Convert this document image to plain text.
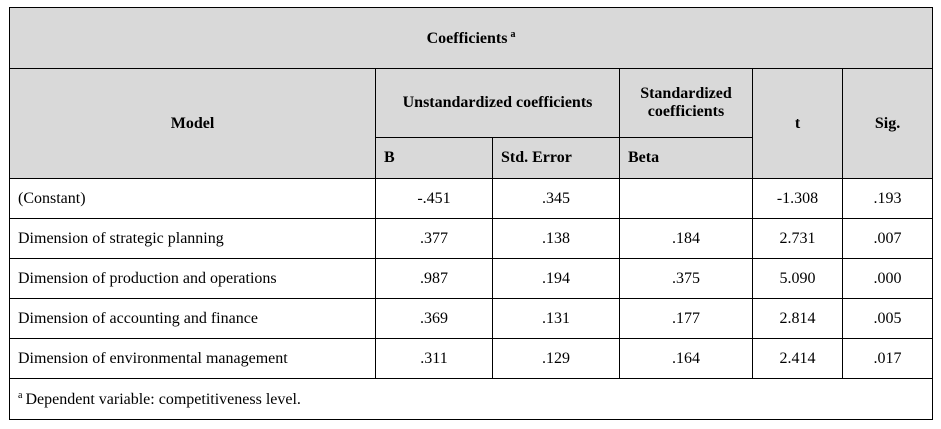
Coefficients $^a$
Model	Unstandardized coefficients		Standardized coefficients	t	Sig.
	B	Std. Error	Beta		
(Constant)	-.451	.345		-1.308	.193
Dimension of strategic planning	.377	.138	.184	2.731	.007
Dimension of production and operations	.987	.194	.375	5.090	.000
Dimension of accounting and finance	.369	.131	.177	2.814	.005
Dimension of environmental management	.311	.129	.164	2.414	.017
$^a$ Dependent variable: competitiveness level.					
